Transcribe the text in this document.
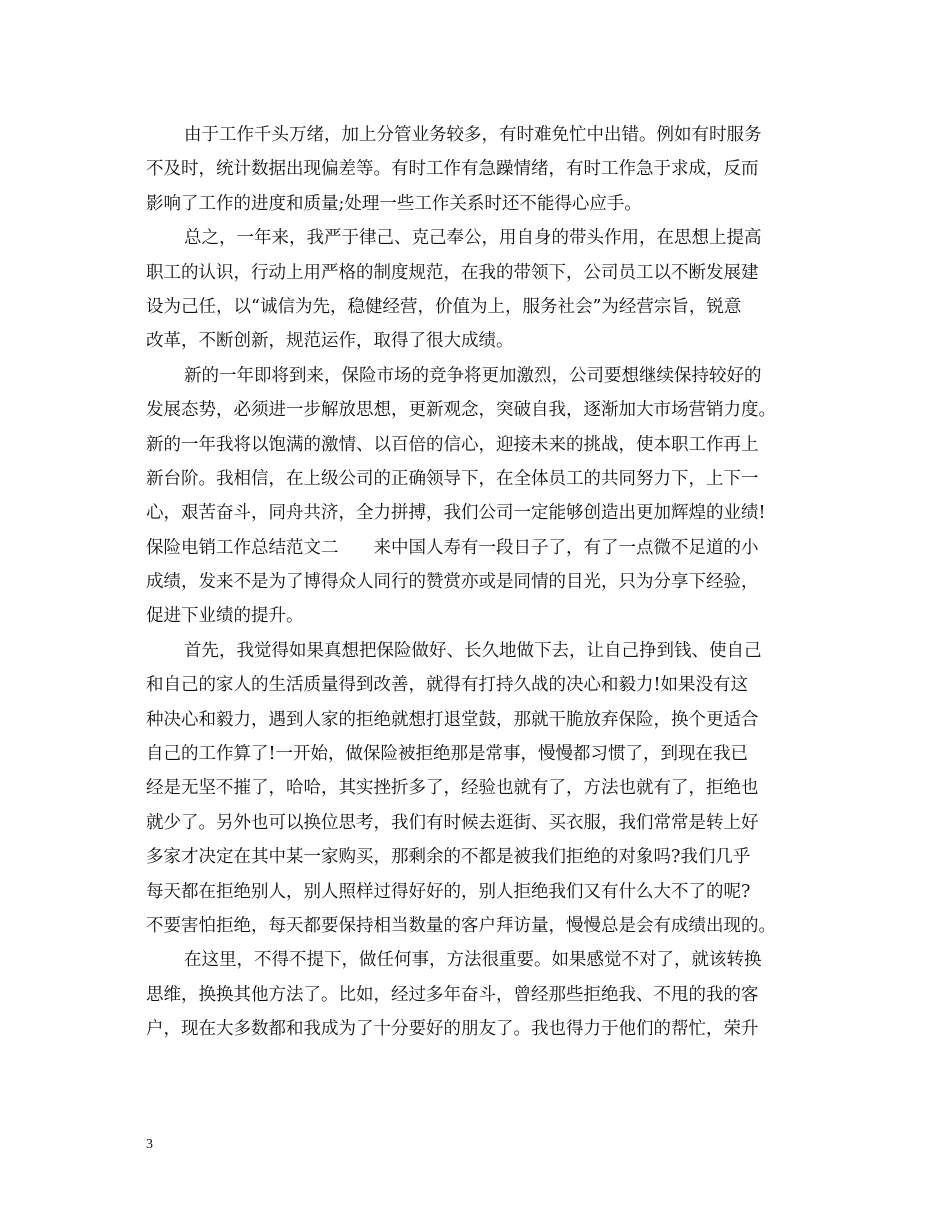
由于工作千头万绪，加上分管业务较多，有时难免忙中出错。例如有时服务
不及时，统计数据出现偏差等。有时工作有急躁情绪，有时工作急于求成，反而
影响了工作的进度和质量;处理一些工作关系时还不能得心应手。
总之，一年来，我严于律己、克己奉公，用自身的带头作用，在思想上提高
职工的认识，行动上用严格的制度规范，在我的带领下，公司员工以不断发展建
设为己任，以“诚信为先，稳健经营，价值为上，服务社会”为经营宗旨，锐意
改革，不断创新，规范运作，取得了很大成绩。
新的一年即将到来，保险市场的竞争将更加激烈，公司要想继续保持较好的
发展态势，必须进一步解放思想，更新观念，突破自我，逐渐加大市场营销力度。
新的一年我将以饱满的激情、以百倍的信心，迎接未来的挑战，使本职工作再上
新台阶。我相信，在上级公司的正确领导下，在全体员工的共同努力下，上下一
心，艰苦奋斗，同舟共济，全力拼搏，我们公司一定能够创造出更加辉煌的业绩!
保险电销工作总结范文二　　来中国人寿有一段日子了，有了一点微不足道的小
成绩，发来不是为了博得众人同行的赞赏亦或是同情的目光，只为分享下经验，
促进下业绩的提升。
首先，我觉得如果真想把保险做好、长久地做下去，让自己挣到钱、使自己
和自己的家人的生活质量得到改善，就得有打持久战的决心和毅力!如果没有这
种决心和毅力，遇到人家的拒绝就想打退堂鼓，那就干脆放弃保险，换个更适合
自己的工作算了!一开始，做保险被拒绝那是常事，慢慢都习惯了，到现在我已
经是无坚不摧了，哈哈，其实挫折多了，经验也就有了，方法也就有了，拒绝也
就少了。另外也可以换位思考，我们有时候去逛街、买衣服，我们常常是转上好
多家才决定在其中某一家购买，那剩余的不都是被我们拒绝的对象吗?我们几乎
每天都在拒绝别人，别人照样过得好好的，别人拒绝我们又有什么大不了的呢?
不要害怕拒绝，每天都要保持相当数量的客户拜访量，慢慢总是会有成绩出现的。
在这里，不得不提下，做任何事，方法很重要。如果感觉不对了，就该转换
思维，换换其他方法了。比如，经过多年奋斗，曾经那些拒绝我、不甩的我的客
户，现在大多数都和我成为了十分要好的朋友了。我也得力于他们的帮忙，荣升
3
